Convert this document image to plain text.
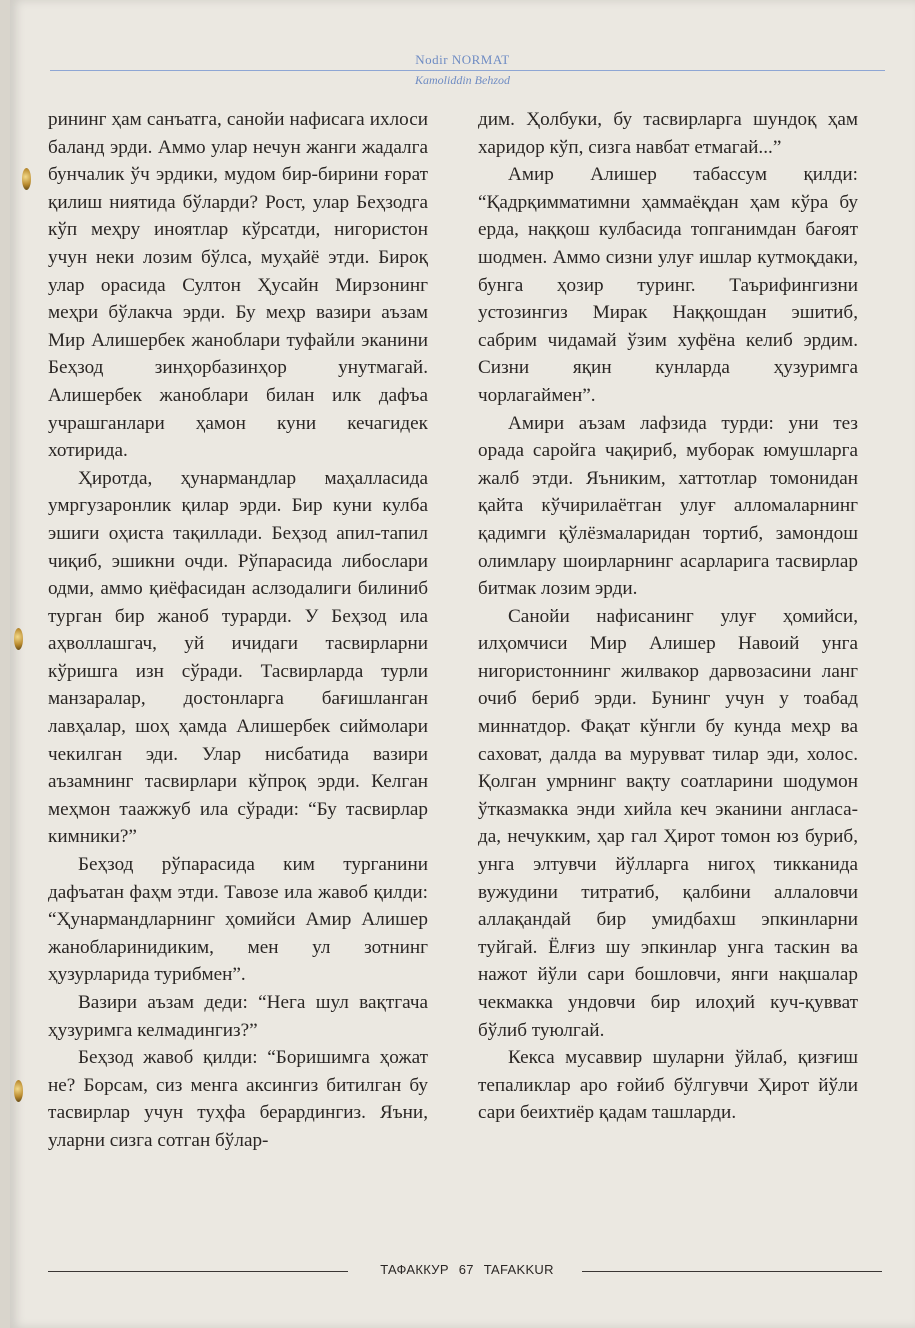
Nodir NORMAT
Kamoliddin Behzod

рининг ҳам санъатга, санойи нафисага ихлоси баланд эрди. Аммо улар нечун жанги жадалга бунчалик ўч эрдики, мудом бир-бирини ғорат қилиш ниятида бўларди? Рост, улар Беҳзодга кўп меҳру иноятлар кўрсатди, нигористон учун неки лозим бўлса, муҳайё этди. Бироқ улар орасида Султон Ҳусайн Мирзонинг меҳри бўлакча эрди. Бу меҳр вазири аъзам Мир Алишербек жаноблари туфайли эканини Беҳзод зинҳорбазинҳор унутмагай. Алишербек жаноблари билан илк дафъа учрашганлари ҳамон куни кечагидек хотирида.

Ҳиротда, ҳунармандлар маҳалласида умргузаронлик қилар эрди. Бир куни кулба эшиги оҳиста тақиллади. Беҳзод апил-тапил чиқиб, эшикни очди. Рўпарасида либослари одми, аммо қиёфасидан аслзодалиги билиниб турган бир жаноб турарди. У Беҳзод ила аҳволлашгач, уй ичидаги тасвирларни кўришга изн сўради. Тасвирларда турли манзаралар, достонларга бағишланган лавҳалар, шоҳ ҳамда Алишербек сиймолари чекилган эди. Улар нисбатида вазири аъзамнинг тасвирлари кўпроқ эрди. Келган меҳмон таажжуб ила сўради: “Бу тасвирлар кимники?”

Беҳзод рўпарасида ким турганини дафъатан фаҳм этди. Тавозе ила жавоб қилди: “Ҳунармандларнинг ҳомийси Амир Алишер жанобларинидиким, мен ул зотнинг ҳузурларида турибмен”.

Вазири аъзам деди: “Нега шул вақтгача ҳузуримга келмадингиз?”

Беҳзод жавоб қилди: “Боришимга ҳожат не? Борсам, сиз менга аксингиз битилган бу тасвирлар учун туҳфа берардингиз. Яъни, уларни сизга сотган бўлар-

дим. Ҳолбуки, бу тасвирларга шундоқ ҳам харидор кўп, сизга навбат етмагай...”

Амир Алишер табассум қилди: “Қадрқимматимни ҳаммаёқдан ҳам кўра бу ерда, наққош кулбасида топганимдан бағоят шодмен. Аммо сизни улуғ ишлар кутмоқдаки, бунга ҳозир туринг. Таърифингизни устозингиз Мирак Наққошдан эшитиб, сабрим чидамай ўзим хуфёна келиб эрдим. Сизни яқин кунларда ҳузуримга чорлагаймен”.

Амири аъзам лафзида турди: уни тез орада саройга чақириб, муборак юмушларга жалб этди. Яъниким, хаттотлар томонидан қайта кўчирилаётган улуғ алломаларнинг қадимги қўлёзмаларидан тортиб, замондош олимлару шоирларнинг асарларига тасвирлар битмак лозим эрди.

Санойи нафисанинг улуғ ҳомийси, илҳомчиси Мир Алишер Навоий унга нигористоннинг жилвакор дарвозасини ланг очиб бериб эрди. Бунинг учун у тоабад миннатдор. Фақат кўнгли бу кунда меҳр ва саховат, далда ва мурувват тилар эди, холос. Қолган умрнинг вақту соатларини шодумон ўтказмакка энди хийла кеч эканини англаса-да, нечукким, ҳар гал Ҳирот томон юз буриб, унга элтувчи йўлларга нигоҳ тикканида вужудини титратиб, қалбини аллаловчи аллақандай бир умидбахш эпкинларни туйгай. Ёлғиз шу эпкинлар унга таскин ва нажот йўли сари бошловчи, янги нақшалар чекмакка ундовчи бир илоҳий куч-қувват бўлиб туюлгай.

Кекса мусаввир шуларни ўйлаб, қизғиш тепаликлар аро ғойиб бўлгувчи Ҳирот йўли сари беихтиёр қадам ташларди.

ТАФАККУР 67 TAFAKKUR
